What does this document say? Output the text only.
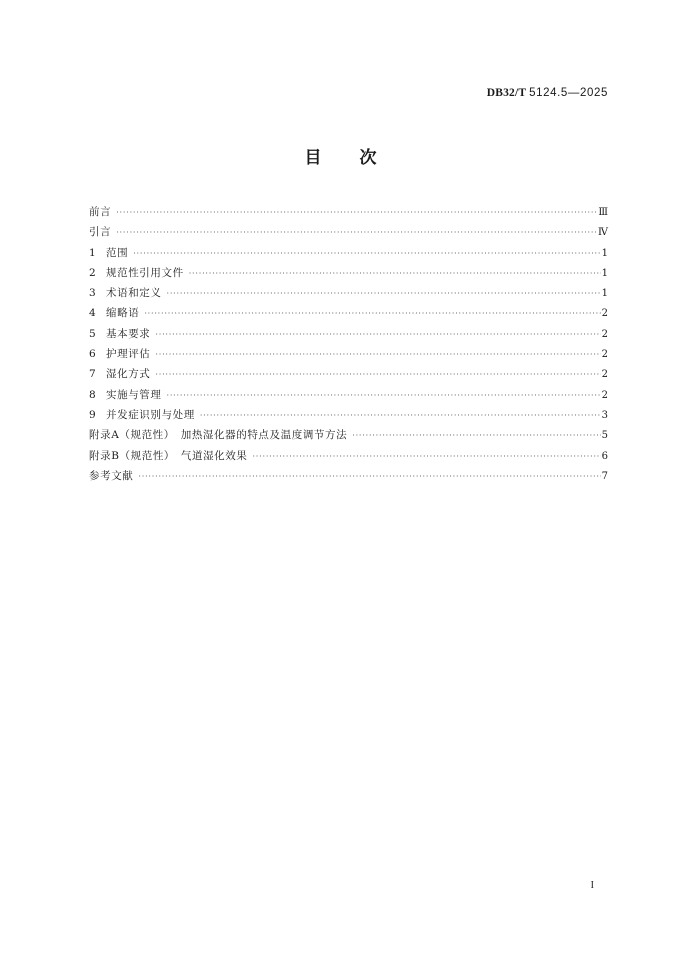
DB32/T 5124.5—2025
目次
前言 ·····	Ⅲ
引言 ·····	Ⅳ
1 范围 ·····	1
2 规范性引用文件 ·····	1
3 术语和定义 ·····	1
4 缩略语 ·····	2
5 基本要求 ·····	2
6 护理评估 ·····	2
7 湿化方式 ·····	2
8 实施与管理 ·····	2
9 并发症识别与处理 ·····	3
附录A（规范性）　加热湿化器的特点及温度调节方法 ·····	5
附录B（规范性）　气道湿化效果 ·····	6
参考文献 ·····	7
I
